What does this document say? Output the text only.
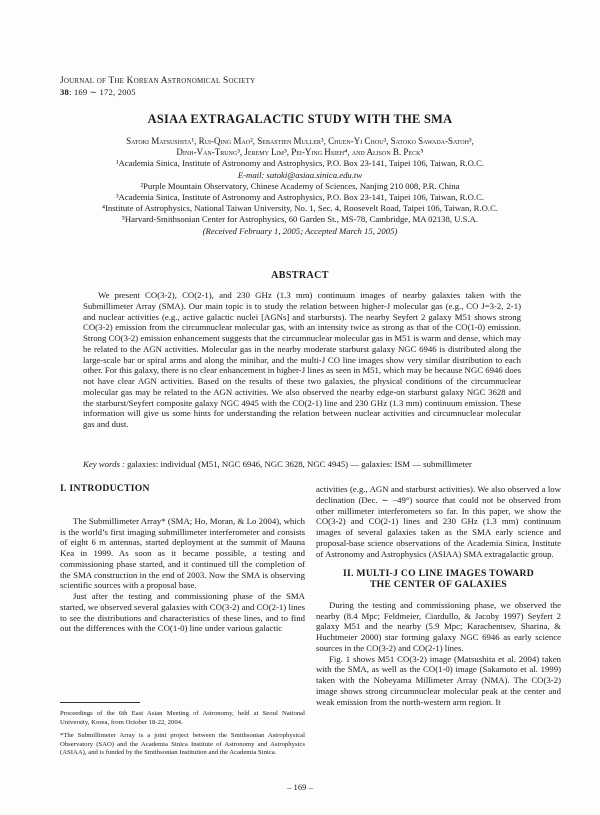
Journal of The Korean Astronomical Society
38: 169 ∼ 172, 2005
ASIAA EXTRAGALACTIC STUDY WITH THE SMA
Satoki Matsushita¹, Rui-Qing Mao², Sebastien Muller³, Chuen-Yi Chou³, Satoko Sawada-Satoh³,
Dinh-Van-Trung³, Jeremy Lim³, Pei-Ying Hsieh⁴, and Alison B. Peck⁵
¹Academia Sinica, Institute of Astronomy and Astrophysics, P.O. Box 23-141, Taipei 106, Taiwan, R.O.C.
E-mail: satoki@asiaa.sinica.edu.tw
²Purple Mountain Observatory, Chinese Academy of Sciences, Nanjing 210 008, P.R. China
³Academia Sinica, Institute of Astronomy and Astrophysics, P.O. Box 23-141, Taipei 106, Taiwan, R.O.C.
⁴Institute of Astrophysics, National Taiwan University, No. 1, Sec. 4, Roosevelt Road, Taipei 106, Taiwan, R.O.C.
⁵Harvard-Smithsonian Center for Astrophysics, 60 Garden St., MS-78, Cambridge, MA 02138, U.S.A.
(Received February 1, 2005; Accepted March 15, 2005)
ABSTRACT
We present CO(3-2), CO(2-1), and 230 GHz (1.3 mm) continuum images of nearby galaxies taken with the Submillimeter Array (SMA). Our main topic is to study the relation between higher-J molecular gas (e.g., CO J=3-2, 2-1) and nuclear activities (e.g., active galactic nuclei [AGNs] and starbursts). The nearby Seyfert 2 galaxy M51 shows strong CO(3-2) emission from the circumnuclear molecular gas, with an intensity twice as strong as that of the CO(1-0) emission. Strong CO(3-2) emission enhancement suggests that the circumnuclear molecular gas in M51 is warm and dense, which may be related to the AGN activities. Molecular gas in the nearby moderate starburst galaxy NGC 6946 is distributed along the large-scale bar or spiral arms and along the minibar, and the multi-J CO line images show very similar distribution to each other. For this galaxy, there is no clear enhancement in higher-J lines as seen in M51, which may be because NGC 6946 does not have clear AGN activities. Based on the results of these two galaxies, the physical conditions of the circumnuclear molecular gas may be related to the AGN activities. We also observed the nearby edge-on starburst galaxy NGC 3628 and the starburst/Seyfert composite galaxy NGC 4945 with the CO(2-1) line and 230 GHz (1.3 mm) continuum emission. These information will give us some hints for understanding the relation between nuclear activities and circumnuclear molecular gas and dust.
Key words : galaxies: individual (M51, NGC 6946, NGC 3628, NGC 4945) — galaxies: ISM — submillimeter
I. INTRODUCTION

The Submillimeter Array* (SMA; Ho, Moran, & Lo 2004), which is the world’s first imaging submillimeter interferometer and consists of eight 6 m antennas, started deployment at the summit of Mauna Kea in 1999. As soon as it became possible, a testing and commissioning phase started, and it continued till the completion of the SMA construction in the end of 2003. Now the SMA is observing scientific sources with a proposal base.

Just after the testing and commissioning phase of the SMA started, we observed several galaxies with CO(3-2) and CO(2-1) lines to see the distributions and characteristics of these lines, and to find out the differences with the CO(1-0) line under various galactic

activities (e.g., AGN and starburst activities). We also observed a low declination (Dec. ∼ −49°) source that could not be observed from other millimeter interferometers so far. In this paper, we show the CO(3-2) and CO(2-1) lines and 230 GHz (1.3 mm) continuum images of several galaxies taken as the SMA early science and proposal-base science observations of the Academia Sinica, Institute of Astronomy and Astrophysics (ASIAA) SMA extragalactic group.

II. MULTI-J CO LINE IMAGES TOWARD
THE CENTER OF GALAXIES

During the testing and commissioning phase, we observed the nearby (8.4 Mpc; Feldmeier, Ciardullo, & Jacoby 1997) Seyfert 2 galaxy M51 and the nearby (5.9 Mpc; Karachentsev, Sharina, & Huchtmeier 2000) star forming galaxy NGC 6946 as early science sources in the CO(3-2) and CO(2-1) lines.

Fig. 1 shows M51 CO(3-2) image (Matsushita et al. 2004) taken with the SMA, as well as the CO(1-0) image (Sakamoto et al. 1999) taken with the Nobeyama Millimeter Array (NMA). The CO(3-2) image shows strong circumnuclear molecular peak at the center and weak emission from the north-western arm region. It

Proceedings of the 6th East Asian Meeting of Astronomy, held at Seoul National University, Korea, from October 18-22, 2004.

*The Submillimeter Array is a joint project between the Smithsonian Astrophysical Observatory (SAO) and the Academia Sinica Institute of Astronomy and Astrophysics (ASIAA), and is funded by the Smithsonian Institution and the Academia Sinica.

– 169 –
